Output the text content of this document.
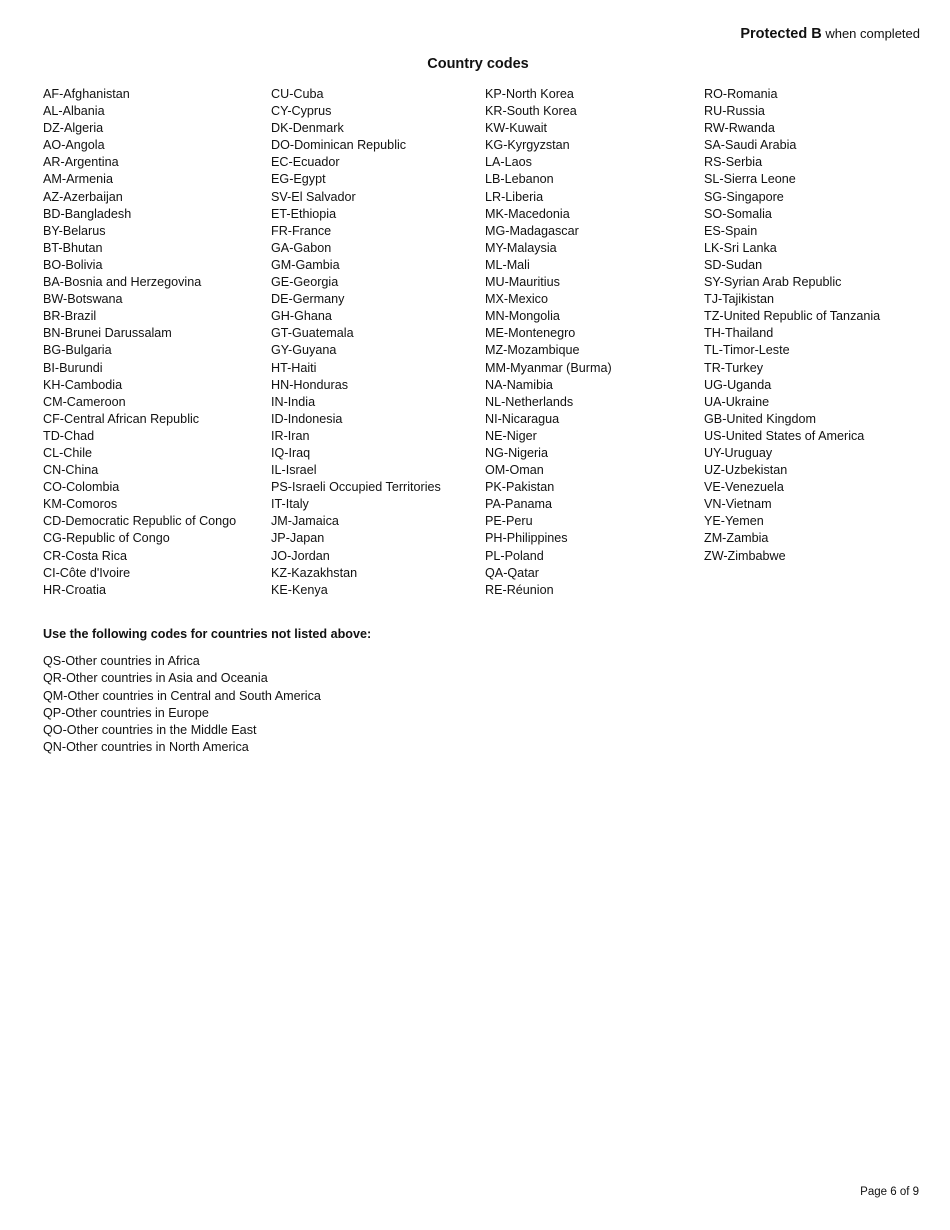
Protected B when completed
Country codes
AF-Afghanistan
AL-Albania
DZ-Algeria
AO-Angola
AR-Argentina
AM-Armenia
AZ-Azerbaijan
BD-Bangladesh
BY-Belarus
BT-Bhutan
BO-Bolivia
BA-Bosnia and Herzegovina
BW-Botswana
BR-Brazil
BN-Brunei Darussalam
BG-Bulgaria
BI-Burundi
KH-Cambodia
CM-Cameroon
CF-Central African Republic
TD-Chad
CL-Chile
CN-China
CO-Colombia
KM-Comoros
CD-Democratic Republic of Congo
CG-Republic of Congo
CR-Costa Rica
CI-Côte d'Ivoire
HR-Croatia
CU-Cuba
CY-Cyprus
DK-Denmark
DO-Dominican Republic
EC-Ecuador
EG-Egypt
SV-El Salvador
ET-Ethiopia
FR-France
GA-Gabon
GM-Gambia
GE-Georgia
DE-Germany
GH-Ghana
GT-Guatemala
GY-Guyana
HT-Haiti
HN-Honduras
IN-India
ID-Indonesia
IR-Iran
IQ-Iraq
IL-Israel
PS-Israeli Occupied Territories
IT-Italy
JM-Jamaica
JP-Japan
JO-Jordan
KZ-Kazakhstan
KE-Kenya
KP-North Korea
KR-South Korea
KW-Kuwait
KG-Kyrgyzstan
LA-Laos
LB-Lebanon
LR-Liberia
MK-Macedonia
MG-Madagascar
MY-Malaysia
ML-Mali
MU-Mauritius
MX-Mexico
MN-Mongolia
ME-Montenegro
MZ-Mozambique
MM-Myanmar (Burma)
NA-Namibia
NL-Netherlands
NI-Nicaragua
NE-Niger
NG-Nigeria
OM-Oman
PK-Pakistan
PA-Panama
PE-Peru
PH-Philippines
PL-Poland
QA-Qatar
RE-Réunion
RO-Romania
RU-Russia
RW-Rwanda
SA-Saudi Arabia
RS-Serbia
SL-Sierra Leone
SG-Singapore
SO-Somalia
ES-Spain
LK-Sri Lanka
SD-Sudan
SY-Syrian Arab Republic
TJ-Tajikistan
TZ-United Republic of Tanzania
TH-Thailand
TL-Timor-Leste
TR-Turkey
UG-Uganda
UA-Ukraine
GB-United Kingdom
US-United States of America
UY-Uruguay
UZ-Uzbekistan
VE-Venezuela
VN-Vietnam
YE-Yemen
ZM-Zambia
ZW-Zimbabwe
Use the following codes for countries not listed above:
QS-Other countries in Africa
QR-Other countries in Asia and Oceania
QM-Other countries in Central and South America
QP-Other countries in Europe
QO-Other countries in the Middle East
QN-Other countries in North America
Page 6 of 9
